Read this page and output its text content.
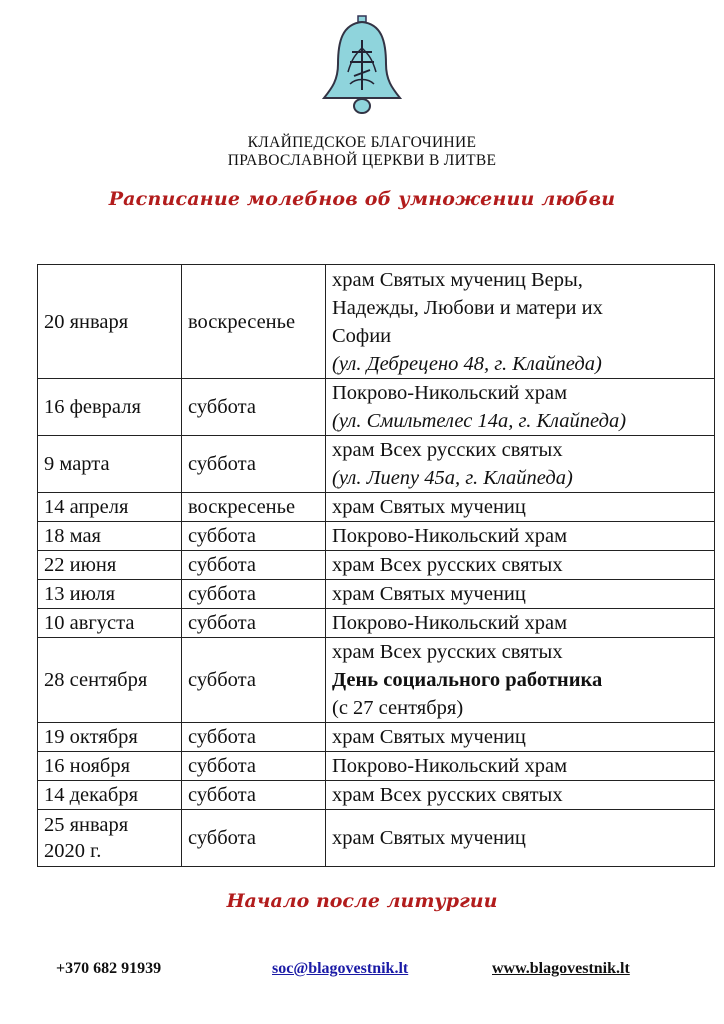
КЛАЙПЕДСКОЕ БЛАГОЧИНИЕ
ПРАВОСЛАВНОЙ ЦЕРКВИ В ЛИТВЕ
Расписание молебнов об умножении любви
20 января	воскресенье	храм Святых мучениц Веры,
Надежды, Любови и матери их
Софии
(ул. Дебрецено 48, г. Клайпеда)

16 февраля	суббота	Покрово-Никольский храм
(ул. Смильтелес 14а, г. Клайпеда)

9 марта	суббота	храм Всех русских святых
(ул. Лиепу 45а, г. Клайпеда)

14 апреля	воскресенье	храм Святых мучениц
18 мая	суббота	Покрово-Никольский храм
22 июня	суббота	храм Всех русских святых
13 июля	суббота	храм Святых мучениц
10 августа	суббота	Покрово-Никольский храм
28 сентября	суббота	храм Всех русских святых
День социального работника
(с 27 сентября)

19 октября	суббота	храм Святых мучениц
16 ноября	суббота	Покрово-Никольский храм
14 декабря	суббота	храм Всех русских святых

25 января
2020 г.	суббота	храм Святых мучениц
Начало после литургии
+370 682 91939	soc@blagovestnik.lt	www.blagovestnik.lt
